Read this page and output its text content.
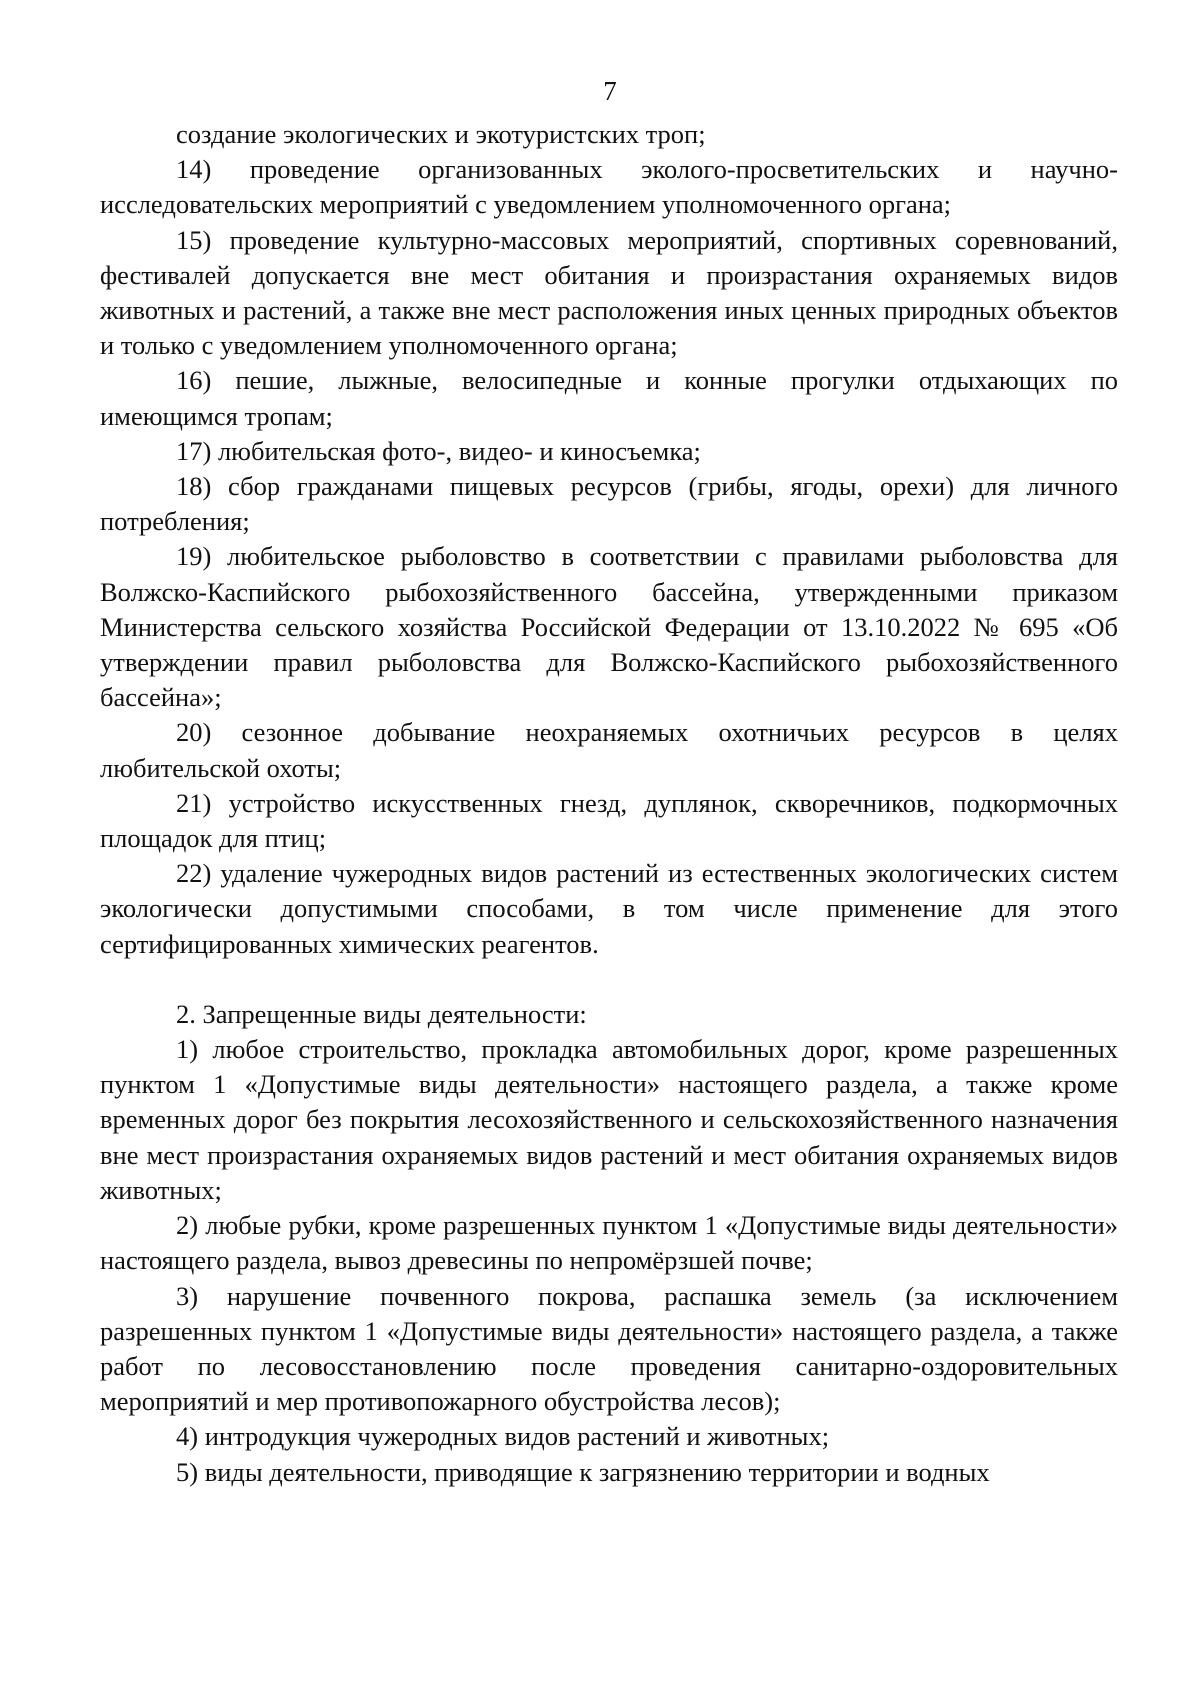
7

создание экологических и экотуристских троп;

14) проведение организованных эколого-просветительских и научно-исследовательских мероприятий с уведомлением уполномоченного органа;

15) проведение культурно-массовых мероприятий, спортивных соревнований, фестивалей допускается вне мест обитания и произрастания охраняемых видов животных и растений, а также вне мест расположения иных ценных природных объектов и только с уведомлением уполномоченного органа;

16) пешие, лыжные, велосипедные и конные прогулки отдыхающих по имеющимся тропам;

17) любительская фото-, видео- и киносъемка;

18) сбор гражданами пищевых ресурсов (грибы, ягоды, орехи) для личного потребления;

19) любительское рыболовство в соответствии с правилами рыболовства для Волжско-Каспийского рыбохозяйственного бассейна, утвержденными приказом Министерства сельского хозяйства Российской Федерации от 13.10.2022 № 695 «Об утверждении правил рыболовства для Волжско-Каспийского рыбохозяйственного бассейна»;

20) сезонное добывание неохраняемых охотничьих ресурсов в целях любительской охоты;

21) устройство искусственных гнезд, дуплянок, скворечников, подкормочных площадок для птиц;

22) удаление чужеродных видов растений из естественных экологических систем экологически допустимыми способами, в том числе применение для этого сертифицированных химических реагентов.

2. Запрещенные виды деятельности:

1) любое строительство, прокладка автомобильных дорог, кроме разрешенных пунктом 1 «Допустимые виды деятельности» настоящего раздела, а также кроме временных дорог без покрытия лесохозяйственного и сельскохозяйственного назначения вне мест произрастания охраняемых видов растений и мест обитания охраняемых видов животных;

2) любые рубки, кроме разрешенных пунктом 1 «Допустимые виды деятельности» настоящего раздела, вывоз древесины по непромёрзшей почве;

3) нарушение почвенного покрова, распашка земель (за исключением разрешенных пунктом 1 «Допустимые виды деятельности» настоящего раздела, а также работ по лесовосстановлению после проведения санитарно-оздоровительных мероприятий и мер противопожарного обустройства лесов);

4) интродукция чужеродных видов растений и животных;

5) виды деятельности, приводящие к загрязнению территории и водных
